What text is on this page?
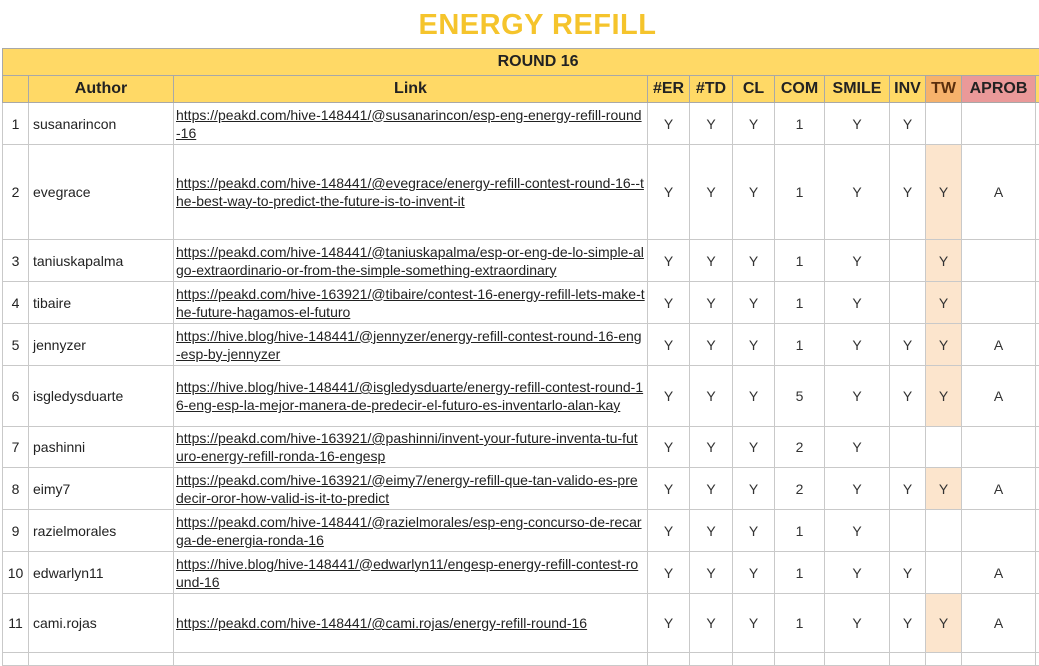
ENERGY REFILL
ROUND 16											
	Author	Link	#ER	#TD	CL	COM	SMILE	INV	TW	APROB	
1	susanarincon	https://peakd.com/hive-148441/@susanarincon/esp-eng-energy-refill-round-16	Y	Y	Y	1	Y	Y			
2	evegrace	https://peakd.com/hive-148441/@evegrace/energy-refill-contest-round-16--the-best-way-to-predict-the-future-is-to-invent-it	Y	Y	Y	1	Y	Y	Y	A	
3	taniuskapalma	https://peakd.com/hive-148441/@taniuskapalma/esp-or-eng-de-lo-simple-algo-extraordinario-or-from-the-simple-something-extraordinary	Y	Y	Y	1	Y		Y		
4	tibaire	https://peakd.com/hive-163921/@tibaire/contest-16-energy-refill-lets-make-the-future-hagamos-el-futuro	Y	Y	Y	1	Y		Y		
5	jennyzer	https://hive.blog/hive-148441/@jennyzer/energy-refill-contest-round-16-eng-esp-by-jennyzer	Y	Y	Y	1	Y	Y	Y	A	
6	isgledysduarte	https://hive.blog/hive-148441/@isgledysduarte/energy-refill-contest-round-16-eng-esp-la-mejor-manera-de-predecir-el-futuro-es-inventarlo-alan-kay	Y	Y	Y	5	Y	Y	Y	A	
7	pashinni	https://peakd.com/hive-163921/@pashinni/invent-your-future-inventa-tu-futuro-energy-refill-ronda-16-engesp	Y	Y	Y	2	Y				
8	eimy7	https://peakd.com/hive-163921/@eimy7/energy-refill-que-tan-valido-es-predecir-oror-how-valid-is-it-to-predict	Y	Y	Y	2	Y	Y	Y	A	
9	razielmorales	https://peakd.com/hive-148441/@razielmorales/esp-eng-concurso-de-recarga-de-energia-ronda-16	Y	Y	Y	1	Y				
10	edwarlyn11	https://hive.blog/hive-148441/@edwarlyn11/engesp-energy-refill-contest-round-16	Y	Y	Y	1	Y	Y		A	
11	cami.rojas	https://peakd.com/hive-148441/@cami.rojas/energy-refill-round-16	Y	Y	Y	1	Y	Y	Y	A	
